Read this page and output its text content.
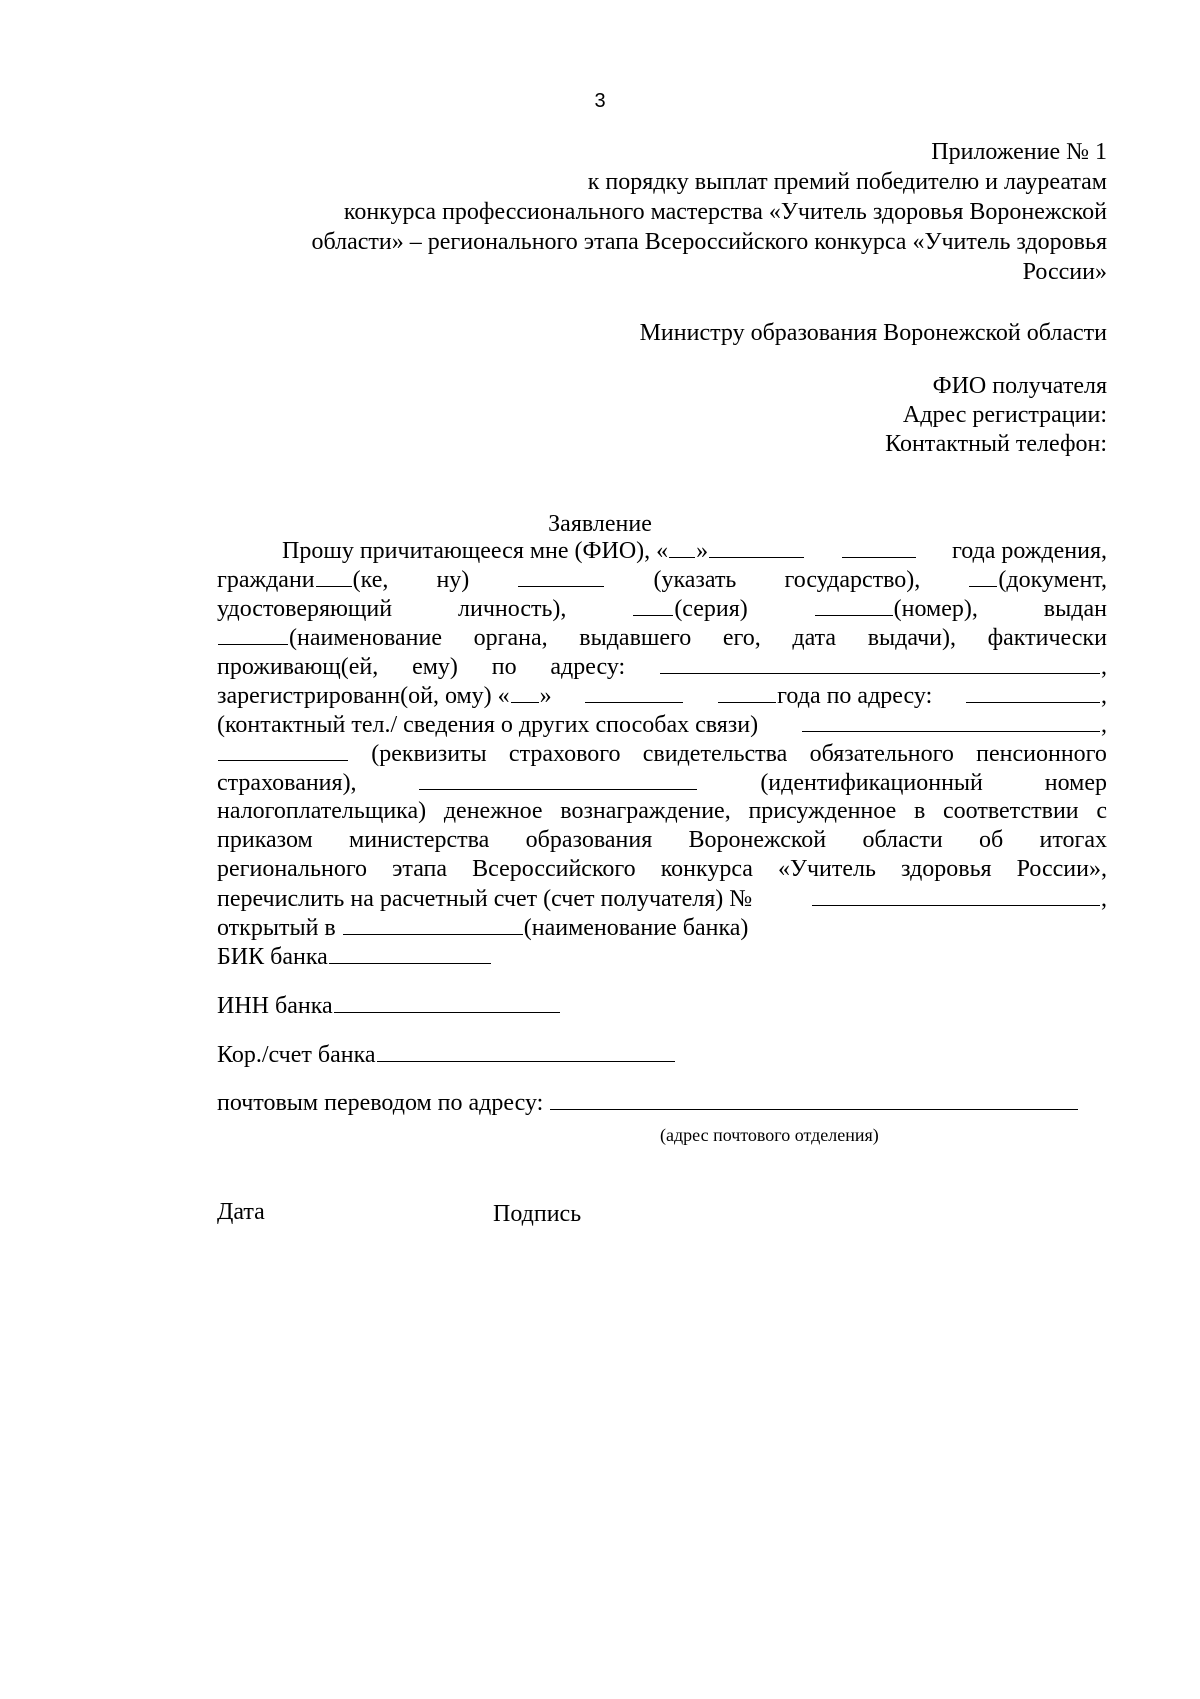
3
Приложение № 1
к порядку выплат премий победителю и лауреатам
конкурса профессионального мастерства «Учитель здоровья Воронежской
области» – регионального этапа Всероссийского конкурса «Учитель здоровья
России»
Министру образования Воронежской области
ФИО получателя
Адрес регистрации:
Контактный телефон:
Заявление
Прошу причитающееся мне (ФИО), « »	года рождения,
граждани (ке, ну)	(указать государство),	(документ,
удостоверяющий	личность),	(серия)	(номер),	выдан
(наименование органа, выдавшего его, дата выдачи), фактически
проживающ(ей, ему) по адресу:	,
зарегистрированн(ой, ому) « »	года по адресу:	,
(контактный тел./ сведения о других способах связи)	,
(реквизиты страхового свидетельства обязательного пенсионного
страхования),	(идентификационный	номер
налогоплательщика) денежное вознаграждение, присужденное в соответствии с
приказом министерства образования Воронежской области об итогах
регионального этапа Всероссийского конкурса «Учитель здоровья России»,
перечислить на расчетный счет (счет получателя) №	,
открытый в
	(наименование банка)
БИК банка
ИНН банка
Кор./счет банка
почтовым переводом по адресу:
(адрес почтового отделения)
Дата	Подпись
